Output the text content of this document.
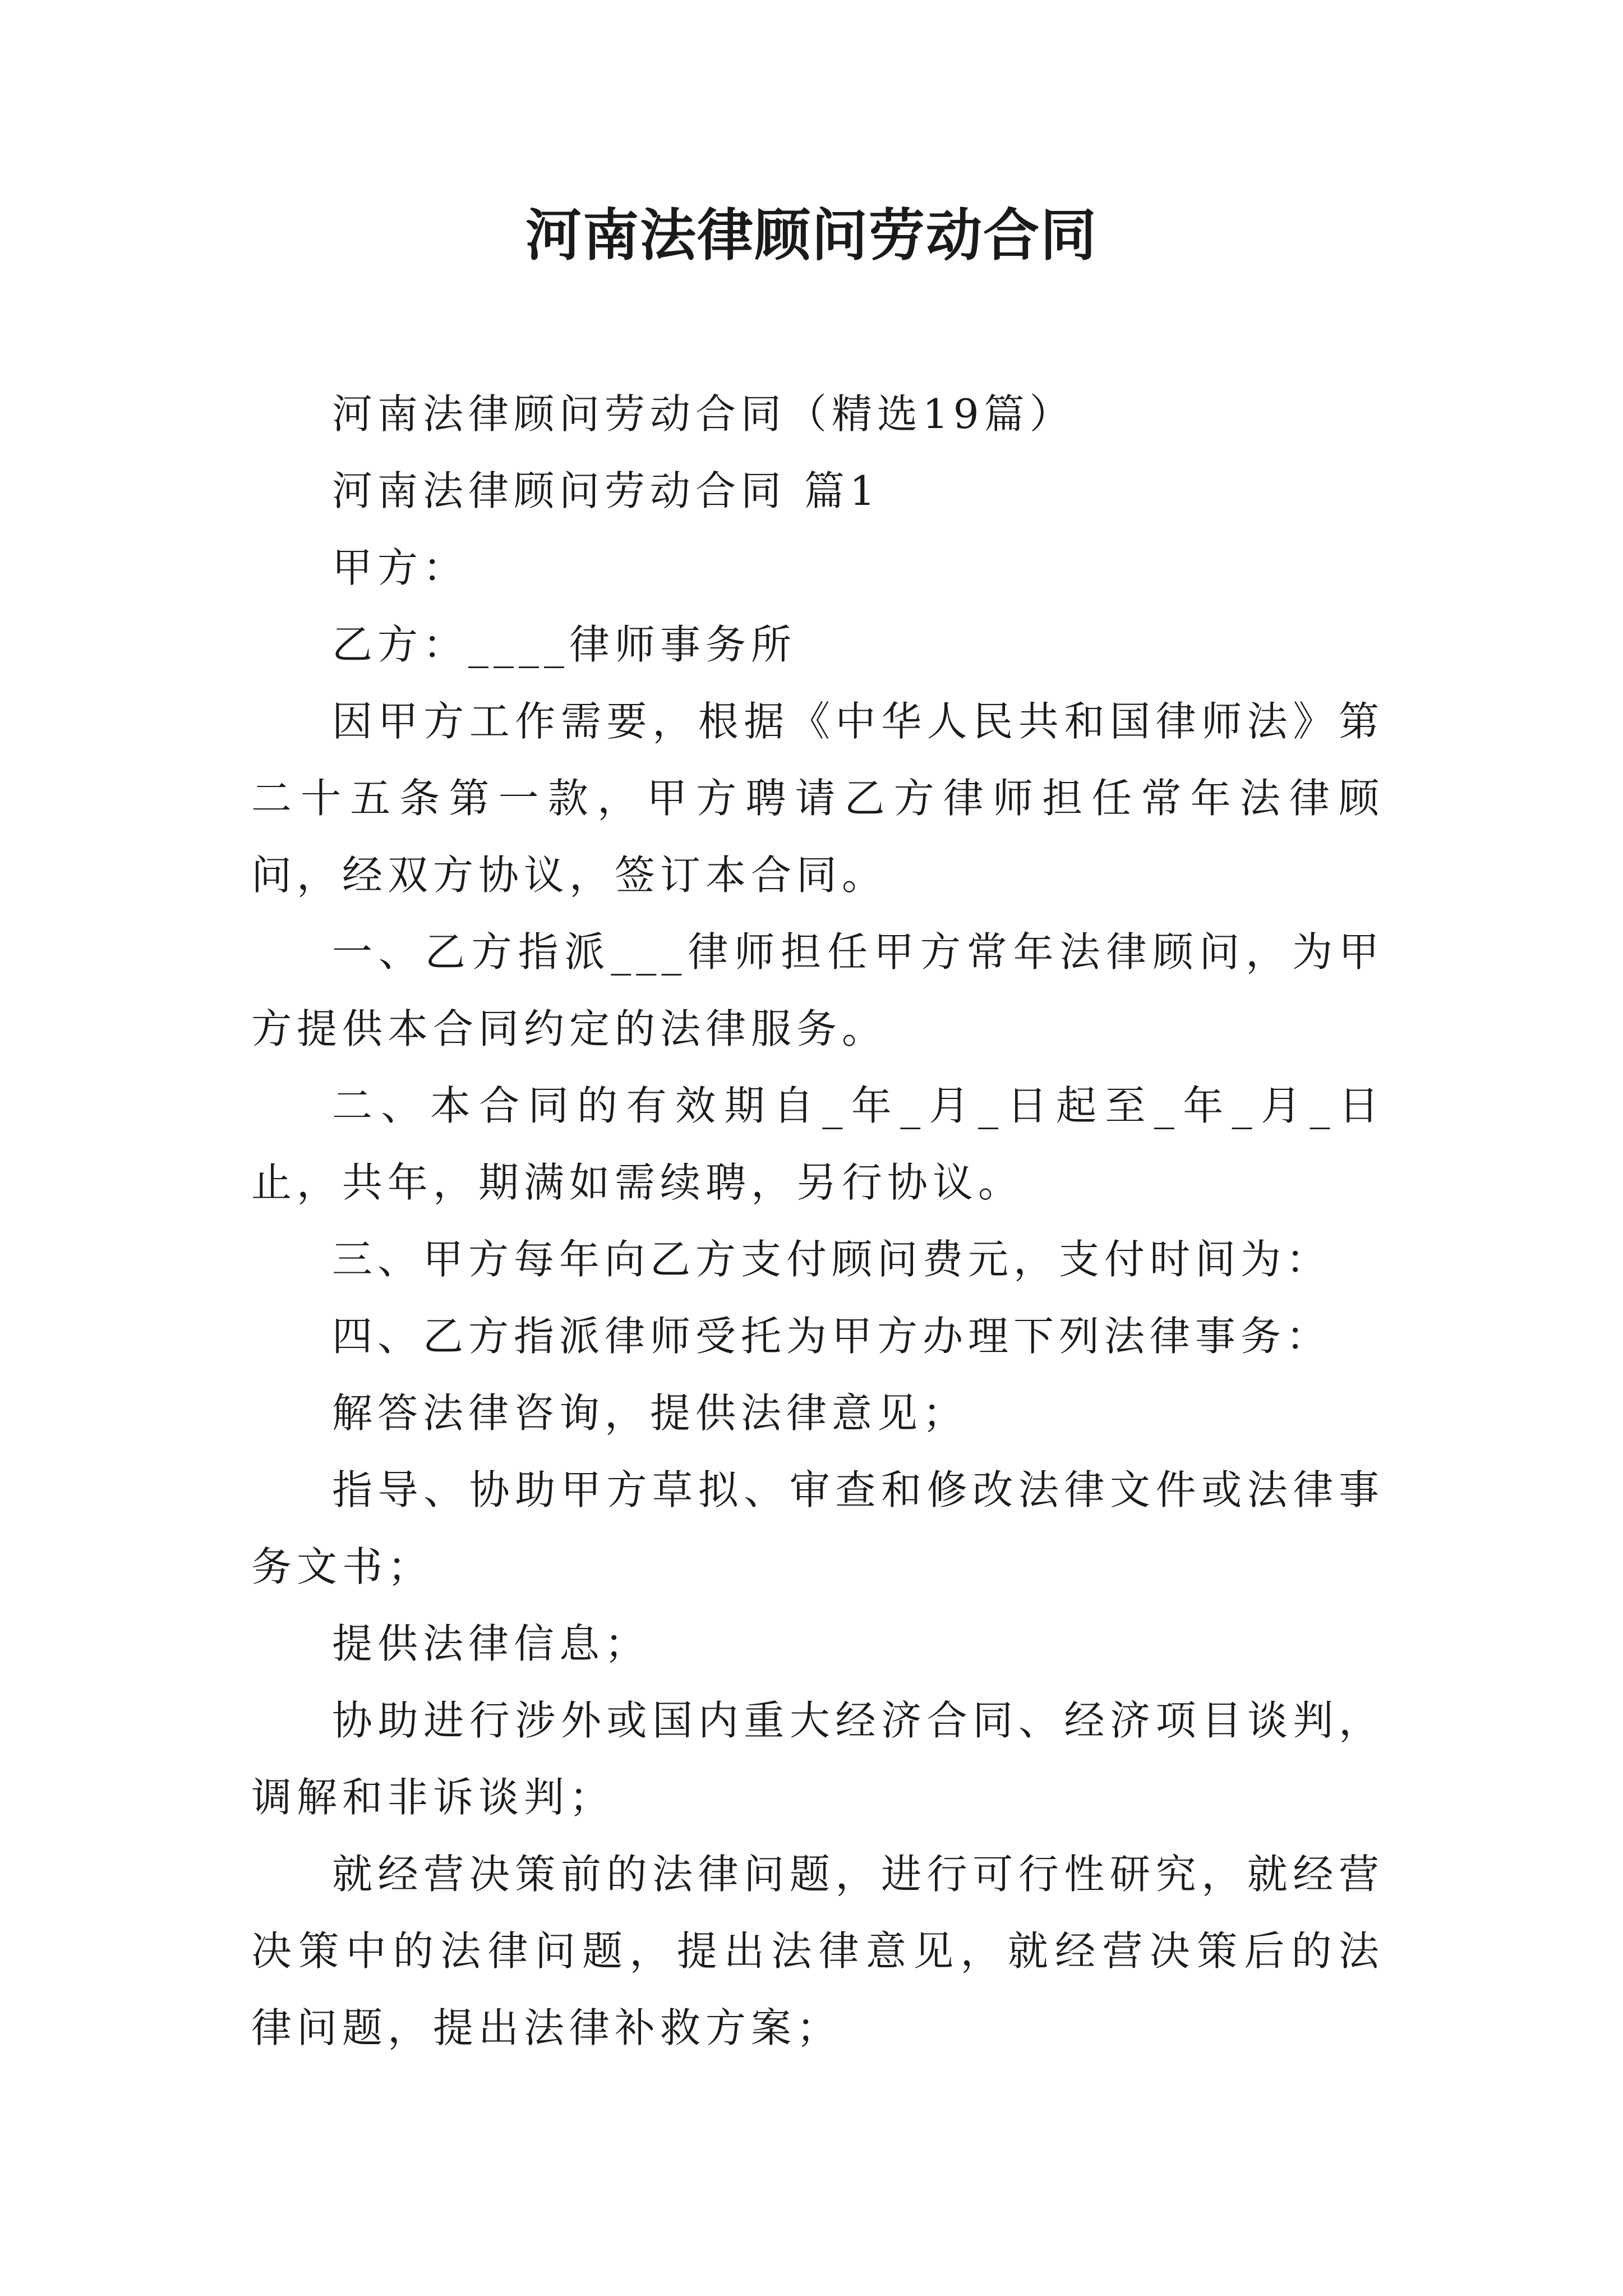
河南法律顾问劳动合同

河南法律顾问劳动合同（精选19篇）

河南法律顾问劳动合同 篇1

甲方：

乙方：____律师事务所

因甲方工作需要，根据《中华人民共和国律师法》第二十五条第一款，甲方聘请乙方律师担任常年法律顾问，经双方协议，签订本合同。

一、乙方指派___律师担任甲方常年法律顾问，为甲方提供本合同约定的法律服务。

二、本合同的有效期自_年_月_日起至_年_月_日止，共年，期满如需续聘，另行协议。

三、甲方每年向乙方支付顾问费元，支付时间为：

四、乙方指派律师受托为甲方办理下列法律事务：

解答法律咨询，提供法律意见；

指导、协助甲方草拟、审查和修改法律文件或法律事务文书；

提供法律信息；

协助进行涉外或国内重大经济合同、经济项目谈判，调解和非诉谈判；

就经营决策前的法律问题，进行可行性研究，就经营决策中的法律问题，提出法律意见，就经营决策后的法律问题，提出法律补救方案；
